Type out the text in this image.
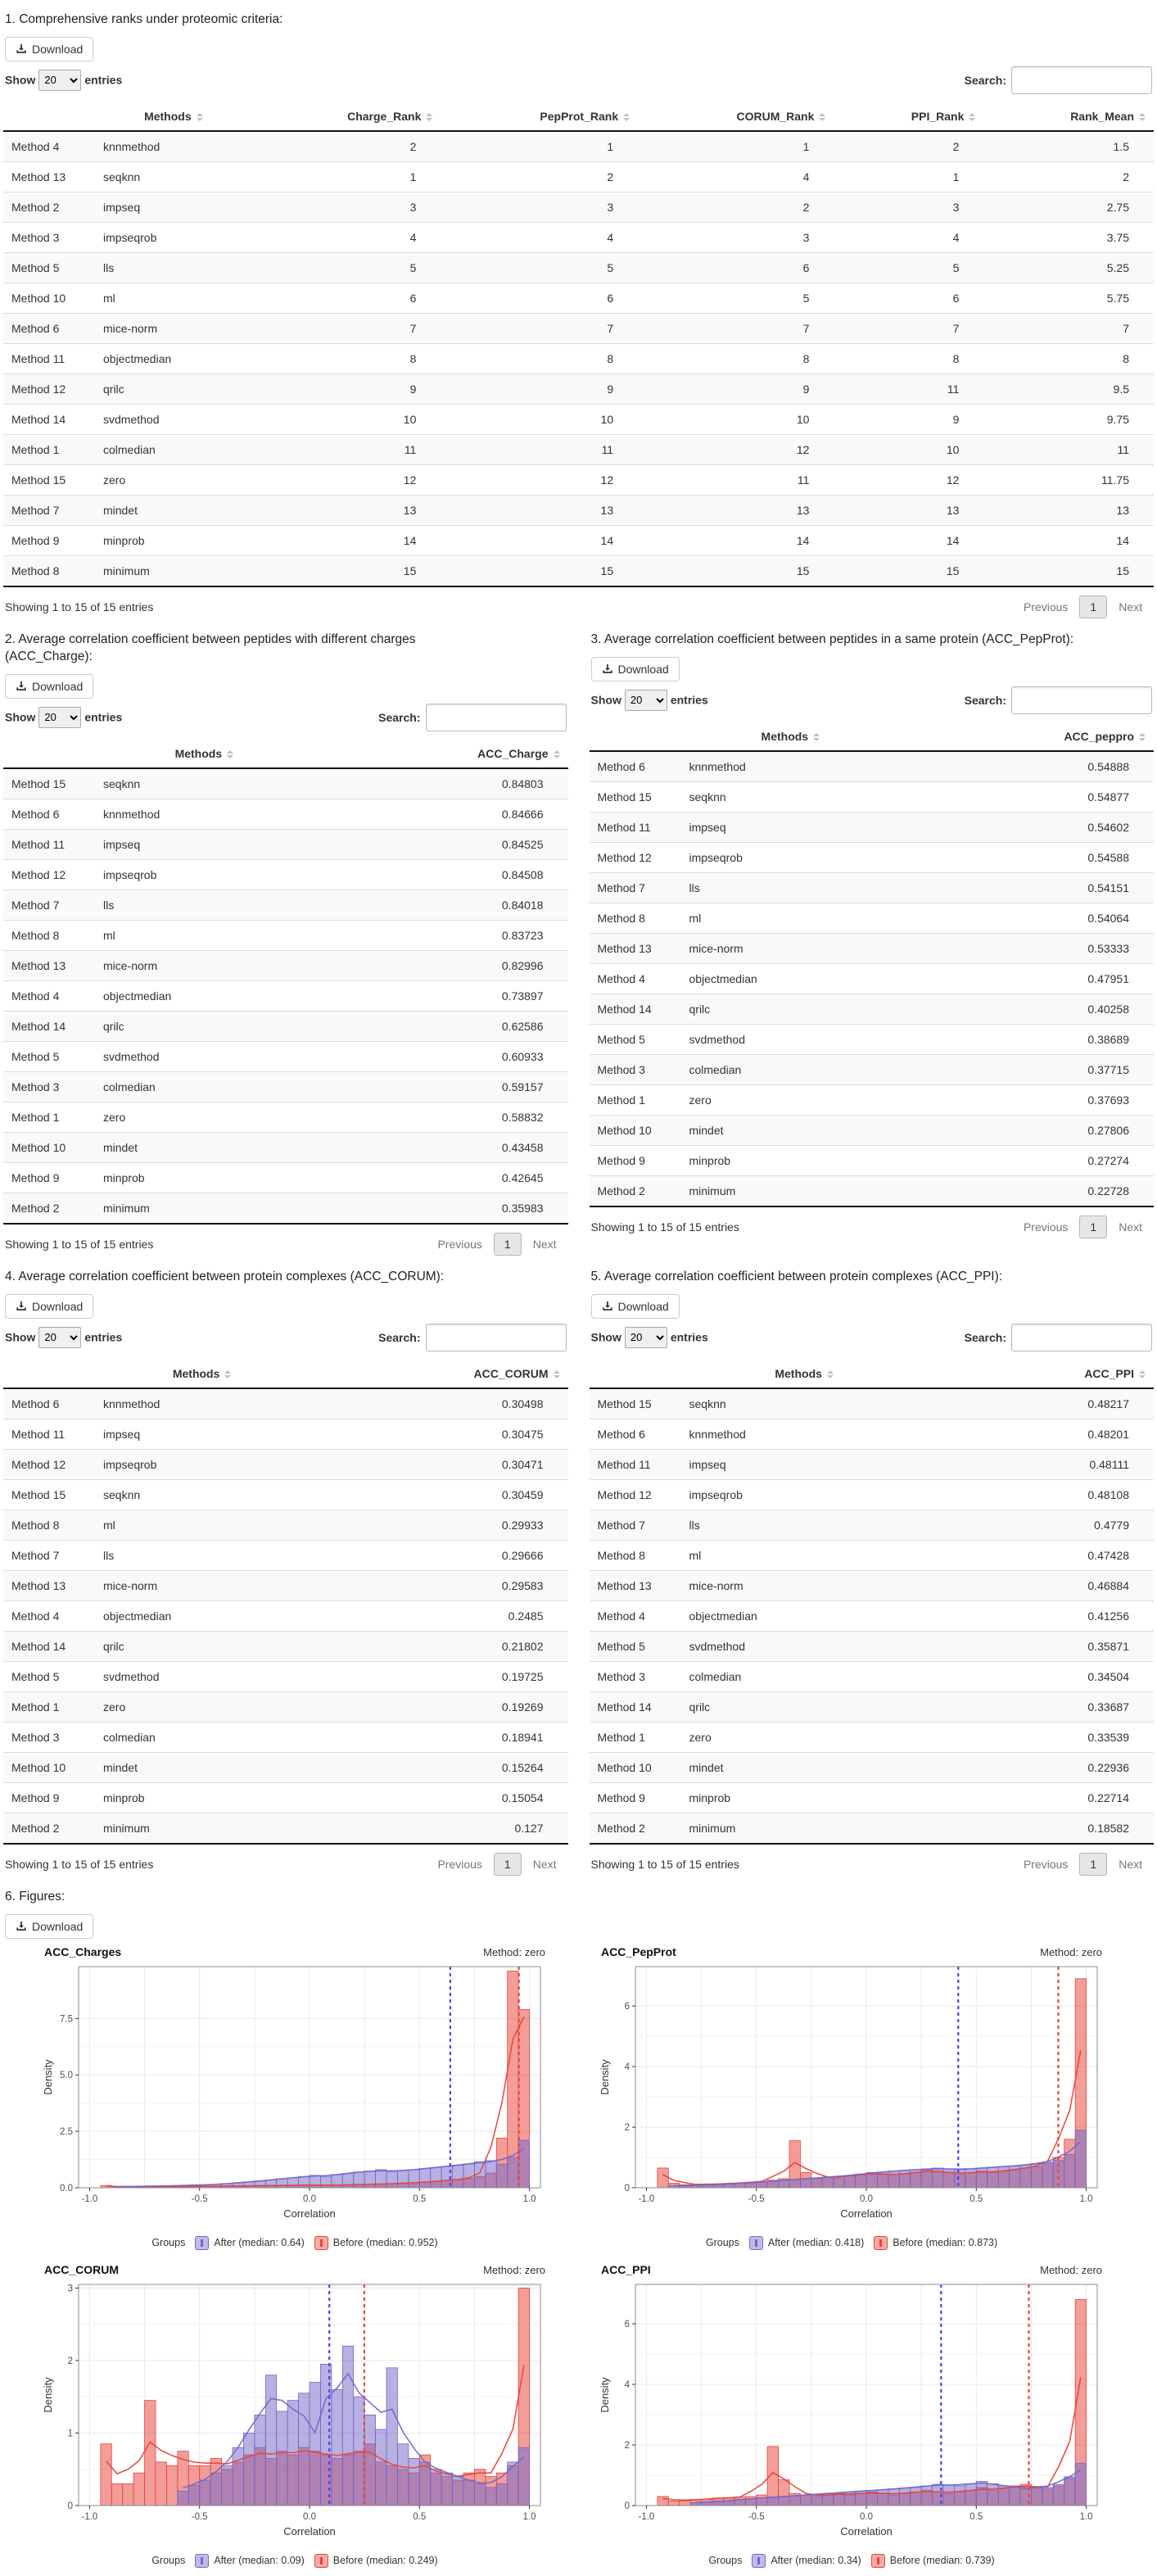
1. Comprehensive ranks under proteomic criteria:
Download
Show
20	entries	Search:
	Methods	Charge_Rank	PepProt_Rank	CORUM_Rank	PPI_Rank	Rank_Mean

Method 4	knnmethod	2	1	1	2	1.5
Method 13	seqknn	1	2	4	1	2
Method 2	impseq	3	3	2	3	2.75
Method 3	impseqrob	4	4	3	4	3.75
Method 5	lls	5	5	6	5	5.25
Method 10	ml	6	6	5	6	5.75
Method 6	mice-norm	7	7	7	7	7
Method 11	objectmedian	8	8	8	8	8
Method 12	qrilc	9	9	9	11	9.5
Method 14	svdmethod	10	10	10	9	9.75
Method 1	colmedian	11	11	12	10	11
Method 15	zero	12	12	11	12	11.75
Method 7	mindet	13	13	13	13	13
Method 9	minprob	14	14	14	14	14
Method 8	minimum	15	15	15	15	15
Showing 1 to 15 of 15 entries	Previous	1	Next
2. Average correlation coefficient between peptides with different charges (ACC_Charge):
Download
Show
20	entries	Search:
	Methods	ACC_Charge

Method 15	seqknn	0.84803
Method 6	knnmethod	0.84666
Method 11	impseq	0.84525
Method 12	impseqrob	0.84508
Method 7	lls	0.84018
Method 8	ml	0.83723
Method 13	mice-norm	0.82996
Method 4	objectmedian	0.73897
Method 14	qrilc	0.62586
Method 5	svdmethod	0.60933
Method 3	colmedian	0.59157
Method 1	zero	0.58832
Method 10	mindet	0.43458
Method 9	minprob	0.42645
Method 2	minimum	0.35983
Showing 1 to 15 of 15 entries	Previous	1	Next
3. Average correlation coefficient between peptides in a same protein (ACC_PepProt):
Download
Show
20	entries	Search:
	Methods	ACC_peppro

Method 6	knnmethod	0.54888
Method 15	seqknn	0.54877
Method 11	impseq	0.54602
Method 12	impseqrob	0.54588
Method 7	lls	0.54151
Method 8	ml	0.54064
Method 13	mice-norm	0.53333
Method 4	objectmedian	0.47951
Method 14	qrilc	0.40258
Method 5	svdmethod	0.38689
Method 3	colmedian	0.37715
Method 1	zero	0.37693
Method 10	mindet	0.27806
Method 9	minprob	0.27274
Method 2	minimum	0.22728
Showing 1 to 15 of 15 entries	Previous	1	Next
4. Average correlation coefficient between protein complexes (ACC_CORUM):
Download
Show
20	entries	Search:
	Methods	ACC_CORUM

Method 6	knnmethod	0.30498
Method 11	impseq	0.30475
Method 12	impseqrob	0.30471
Method 15	seqknn	0.30459
Method 8	ml	0.29933
Method 7	lls	0.29666
Method 13	mice-norm	0.29583
Method 4	objectmedian	0.2485
Method 14	qrilc	0.21802
Method 5	svdmethod	0.19725
Method 1	zero	0.19269
Method 3	colmedian	0.18941
Method 10	mindet	0.15264
Method 9	minprob	0.15054
Method 2	minimum	0.127
Showing 1 to 15 of 15 entries	Previous	1	Next
5. Average correlation coefficient between protein complexes (ACC_PPI):
Download
Show
20	entries	Search:
	Methods	ACC_PPI

Method 15	seqknn	0.48217
Method 6	knnmethod	0.48201
Method 11	impseq	0.48111
Method 12	impseqrob	0.48108
Method 7	lls	0.4779
Method 8	ml	0.47428
Method 13	mice-norm	0.46884
Method 4	objectmedian	0.41256
Method 5	svdmethod	0.35871
Method 3	colmedian	0.34504
Method 14	qrilc	0.33687
Method 1	zero	0.33539
Method 10	mindet	0.22936
Method 9	minprob	0.22714
Method 2	minimum	0.18582
Showing 1 to 15 of 15 entries	Previous	1	Next
6. Figures:
Download
ACC_Charges	Method: zero
-1.0	-0.5	0.0	0.5	1.0
0.0
2.5
5.0
7.5
Correlation
Density
Groups	After (median: 0.64)	Before (median: 0.952)
ACC_PepProt	Method: zero
-1.0	-0.5	0.0	0.5	1.0
0
2
4
6
Correlation
Density
Groups	After (median: 0.418)	Before (median: 0.873)
ACC_CORUM	Method: zero
-1.0	-0.5	0.0	0.5	1.0
0
1
2
3
Correlation
Density
Groups	After (median: 0.09)	Before (median: 0.249)
ACC_PPI	Method: zero
-1.0	-0.5	0.0	0.5	1.0
0
2
4
6
Correlation
Density
Groups	After (median: 0.34)	Before (median: 0.739)
